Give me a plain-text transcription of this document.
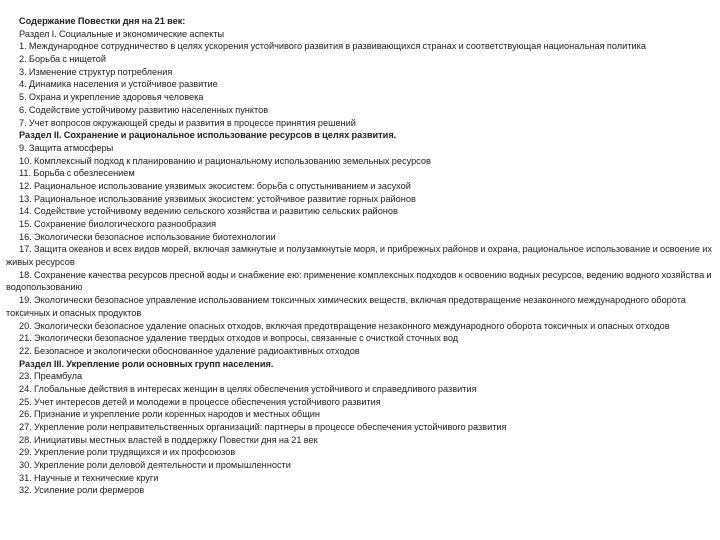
Содержание Повестки дня на 21 век:
Раздел I. Социальные и экономические аспекты
1. Международное сотрудничество в целях ускорения устойчивого развития в развивающихся странах и соответствующая национальная политика
2. Борьба с нищетой
3. Изменение структур потребления
4. Динамика населения и устойчивое развитие
5. Охрана и укрепление здоровья человека
6. Содействие устойчивому развитию населенных пунктов
7. Учет вопросов окружающей среды и развития в процессе принятия решений
Раздел II. Сохранение и рациональное использование ресурсов в целях развития.
9. Защита атмосферы
10. Комплексный подход к планированию и рациональному использованию земельных ресурсов
11. Борьба с обезлесением
12. Рациональное использование уязвимых экосистем: борьба с опустыниванием и засухой
13. Рациональное использование уязвимых экосистем: устойчивое развитие горных районов
14. Содействие устойчивому ведению сельского хозяйства и развитию сельских районов
15. Сохранение биологического разнообразия
16. Экологически безопасное использование биотехнологии
17. Защита океанов и всех видов морей, включая замкнутые и полузамкнутые моря, и прибрежных районов и охрана, рациональное использование и освоение их живых ресурсов
18. Сохранение качества ресурсов пресной воды и снабжение ею: применение комплексных подходов к освоению водных ресурсов, ведению водного хозяйства и водопользованию
19. Экологически безопасное управление использованием токсичных химических веществ, включая предотвращение незаконного международного оборота токсичных и опасных продуктов
20. Экологически безопасное удаление опасных отходов, включая предотвращение незаконного международного оборота токсичных и опасных отходов
21. Экологически безопасное удаление твердых отходов и вопросы, связанные с очисткой сточных вод
22. Безопасное и экологически обоснованное удаление радиоактивных отходов
Раздел III. Укрепление роли основных групп населения.
23. Преамбула
24. Глобальные действия в интересах женщин в целях обеспечения устойчивого и справедливого развития
25. Учет интересов детей и молодежи в процессе обеспечения устойчивого развития
26. Признание и укрепление роли коренных народов и местных общин
27. Укрепление роли неправительственных организаций: партнеры в процессе обеспечения устойчивого развития
28. Инициативы местных властей в поддержку Повестки дня на 21 век
29. Укрепление роли трудящихся и их профсоюзов
30. Укрепление роли деловой деятельности и промышленности
31. Научные и технические круги
32. Усиление роли фермеров
